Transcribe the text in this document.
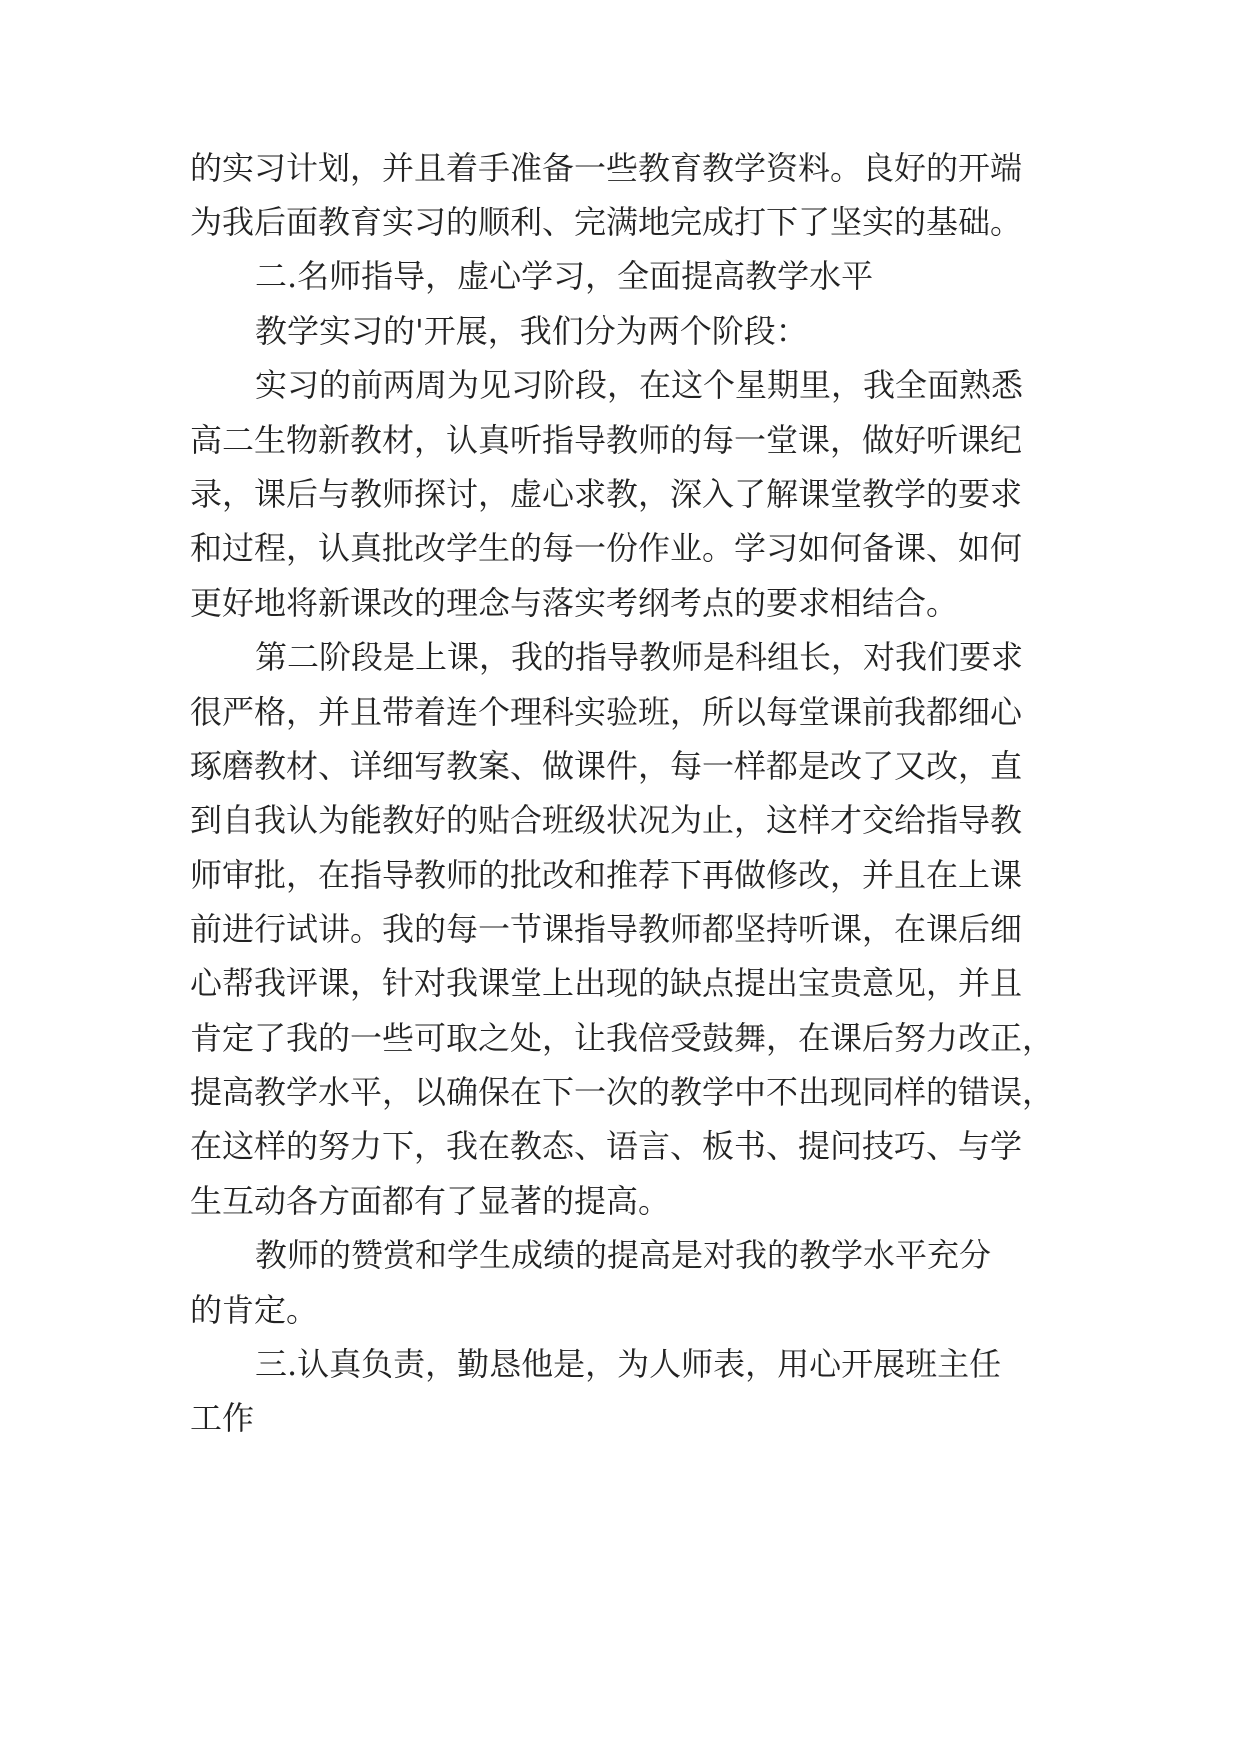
的实习计划，并且着手准备一些教育教学资料。良好的开端
为我后面教育实习的顺利、完满地完成打下了坚实的基础。
二.名师指导，虚心学习，全面提高教学水平
教学实习的'开展，我们分为两个阶段：
实习的前两周为见习阶段，在这个星期里，我全面熟悉
高二生物新教材，认真听指导教师的每一堂课，做好听课纪
录，课后与教师探讨，虚心求教，深入了解课堂教学的要求
和过程，认真批改学生的每一份作业。学习如何备课、如何
更好地将新课改的理念与落实考纲考点的要求相结合。
第二阶段是上课，我的指导教师是科组长，对我们要求
很严格，并且带着连个理科实验班，所以每堂课前我都细心
琢磨教材、详细写教案、做课件，每一样都是改了又改，直
到自我认为能教好的贴合班级状况为止，这样才交给指导教
师审批，在指导教师的批改和推荐下再做修改，并且在上课
前进行试讲。我的每一节课指导教师都坚持听课，在课后细
心帮我评课，针对我课堂上出现的缺点提出宝贵意见，并且
肯定了我的一些可取之处，让我倍受鼓舞，在课后努力改正，
提高教学水平，以确保在下一次的教学中不出现同样的错误，
在这样的努力下，我在教态、语言、板书、提问技巧、与学
生互动各方面都有了显著的提高。
教师的赞赏和学生成绩的提高是对我的教学水平充分
的肯定。
三.认真负责，勤恳他是，为人师表，用心开展班主任
工作
